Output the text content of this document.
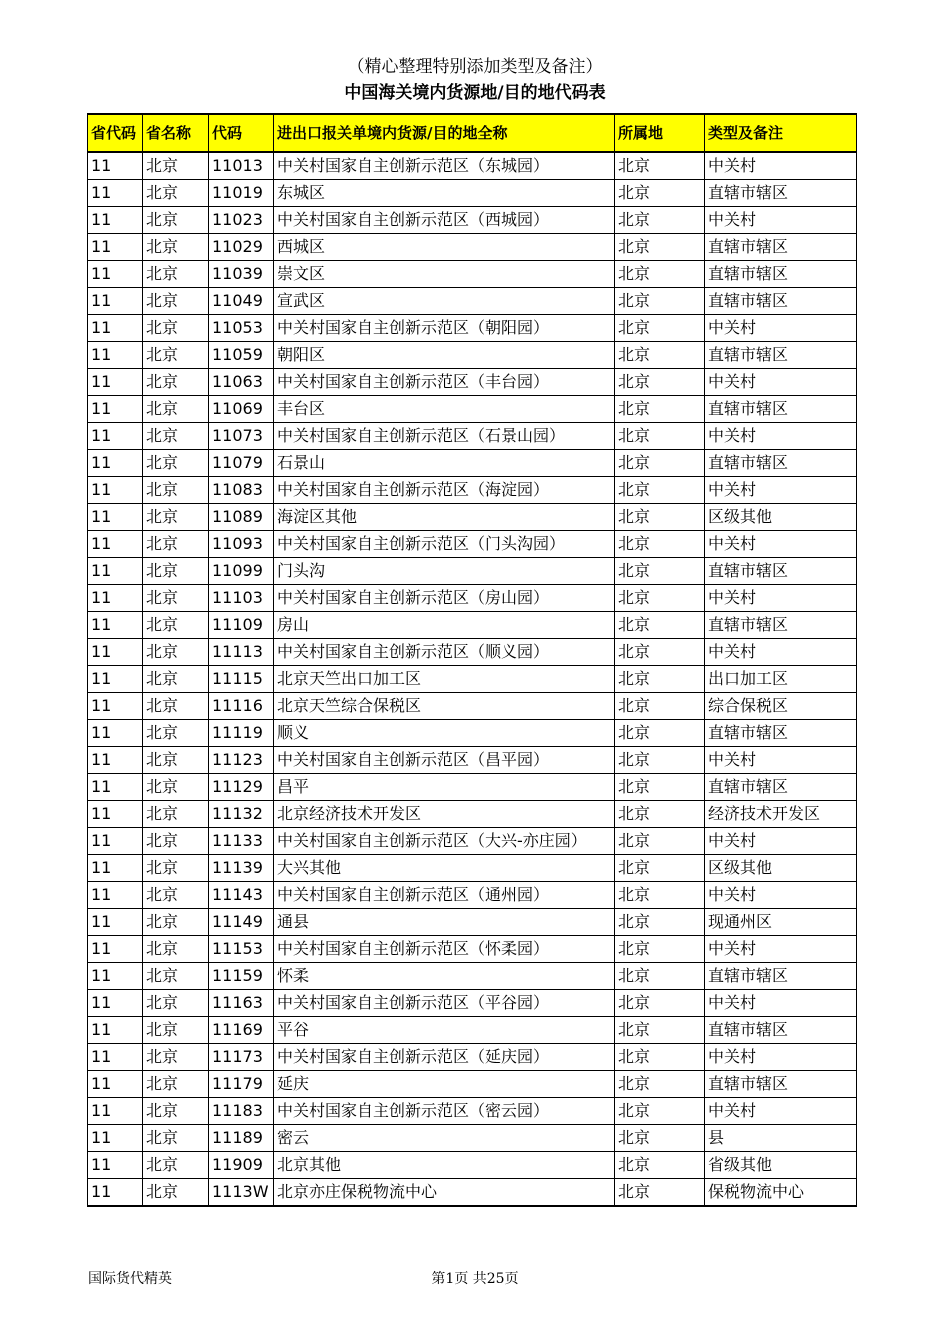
（精心整理特别添加类型及备注）
中国海关境内货源地/目的地代码表
省代码	省名称	代码	进出口报关单境内货源/目的地全称	所属地	类型及备注
11	北京	11013	中关村国家自主创新示范区（东城园）	北京	中关村
11	北京	11019	东城区	北京	直辖市辖区
11	北京	11023	中关村国家自主创新示范区（西城园）	北京	中关村
11	北京	11029	西城区	北京	直辖市辖区
11	北京	11039	崇文区	北京	直辖市辖区
11	北京	11049	宣武区	北京	直辖市辖区
11	北京	11053	中关村国家自主创新示范区（朝阳园）	北京	中关村
11	北京	11059	朝阳区	北京	直辖市辖区
11	北京	11063	中关村国家自主创新示范区（丰台园）	北京	中关村
11	北京	11069	丰台区	北京	直辖市辖区
11	北京	11073	中关村国家自主创新示范区（石景山园）	北京	中关村
11	北京	11079	石景山	北京	直辖市辖区
11	北京	11083	中关村国家自主创新示范区（海淀园）	北京	中关村
11	北京	11089	海淀区其他	北京	区级其他
11	北京	11093	中关村国家自主创新示范区（门头沟园）	北京	中关村
11	北京	11099	门头沟	北京	直辖市辖区
11	北京	11103	中关村国家自主创新示范区（房山园）	北京	中关村
11	北京	11109	房山	北京	直辖市辖区
11	北京	11113	中关村国家自主创新示范区（顺义园）	北京	中关村
11	北京	11115	北京天竺出口加工区	北京	出口加工区
11	北京	11116	北京天竺综合保税区	北京	综合保税区
11	北京	11119	顺义	北京	直辖市辖区
11	北京	11123	中关村国家自主创新示范区（昌平园）	北京	中关村
11	北京	11129	昌平	北京	直辖市辖区
11	北京	11132	北京经济技术开发区	北京	经济技术开发区
11	北京	11133	中关村国家自主创新示范区（大兴-亦庄园）	北京	中关村
11	北京	11139	大兴其他	北京	区级其他
11	北京	11143	中关村国家自主创新示范区（通州园）	北京	中关村
11	北京	11149	通县	北京	现通州区
11	北京	11153	中关村国家自主创新示范区（怀柔园）	北京	中关村
11	北京	11159	怀柔	北京	直辖市辖区
11	北京	11163	中关村国家自主创新示范区（平谷园）	北京	中关村
11	北京	11169	平谷	北京	直辖市辖区
11	北京	11173	中关村国家自主创新示范区（延庆园）	北京	中关村
11	北京	11179	延庆	北京	直辖市辖区
11	北京	11183	中关村国家自主创新示范区（密云园）	北京	中关村
11	北京	11189	密云	北京	县
11	北京	11909	北京其他	北京	省级其他
11	北京	1113W	北京亦庄保税物流中心	北京	保税物流中心
国际货代精英	第1页 共25页
